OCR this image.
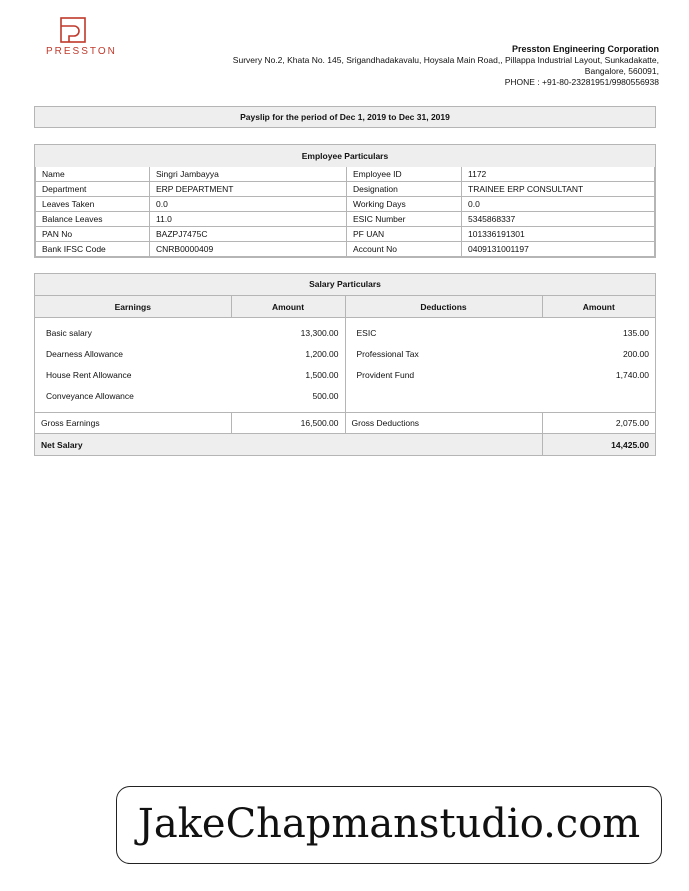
PRESSTON	Presston Engineering Corporation
Survery No.2, Khata No. 145, Srigandhadakavalu, Hoysala Main Road,, Pillappa Industrial Layout, Sunkadakatte,
Bangalore, 560091,
PHONE : +91-80-23281951/9980556938
Payslip for the period of Dec 1, 2019 to Dec 31, 2019
Employee Particulars
Name	Singri Jambayya	Employee ID	1172
Department	ERP DEPARTMENT	Designation	TRAINEE ERP CONSULTANT
Leaves Taken	0.0	Working Days	0.0
Balance Leaves	11.0	ESIC Number	5345868337
PAN No	BAZPJ7475C	PF UAN	101336191301
Bank IFSC Code	CNRB0000409	Account No	0409131001197
Salary Particulars
Earnings	Amount	Deductions	Amount

Basic salary	13,300.00	ESIC	135.00
Dearness Allowance	1,200.00	Professional Tax	200.00
House Rent Allowance	1,500.00	Provident Fund	1,740.00
Conveyance Allowance	500.00		

Gross Earnings	16,500.00	Gross Deductions	2,075.00
Net Salary			14,425.00
JakeChapmanstudio.com
